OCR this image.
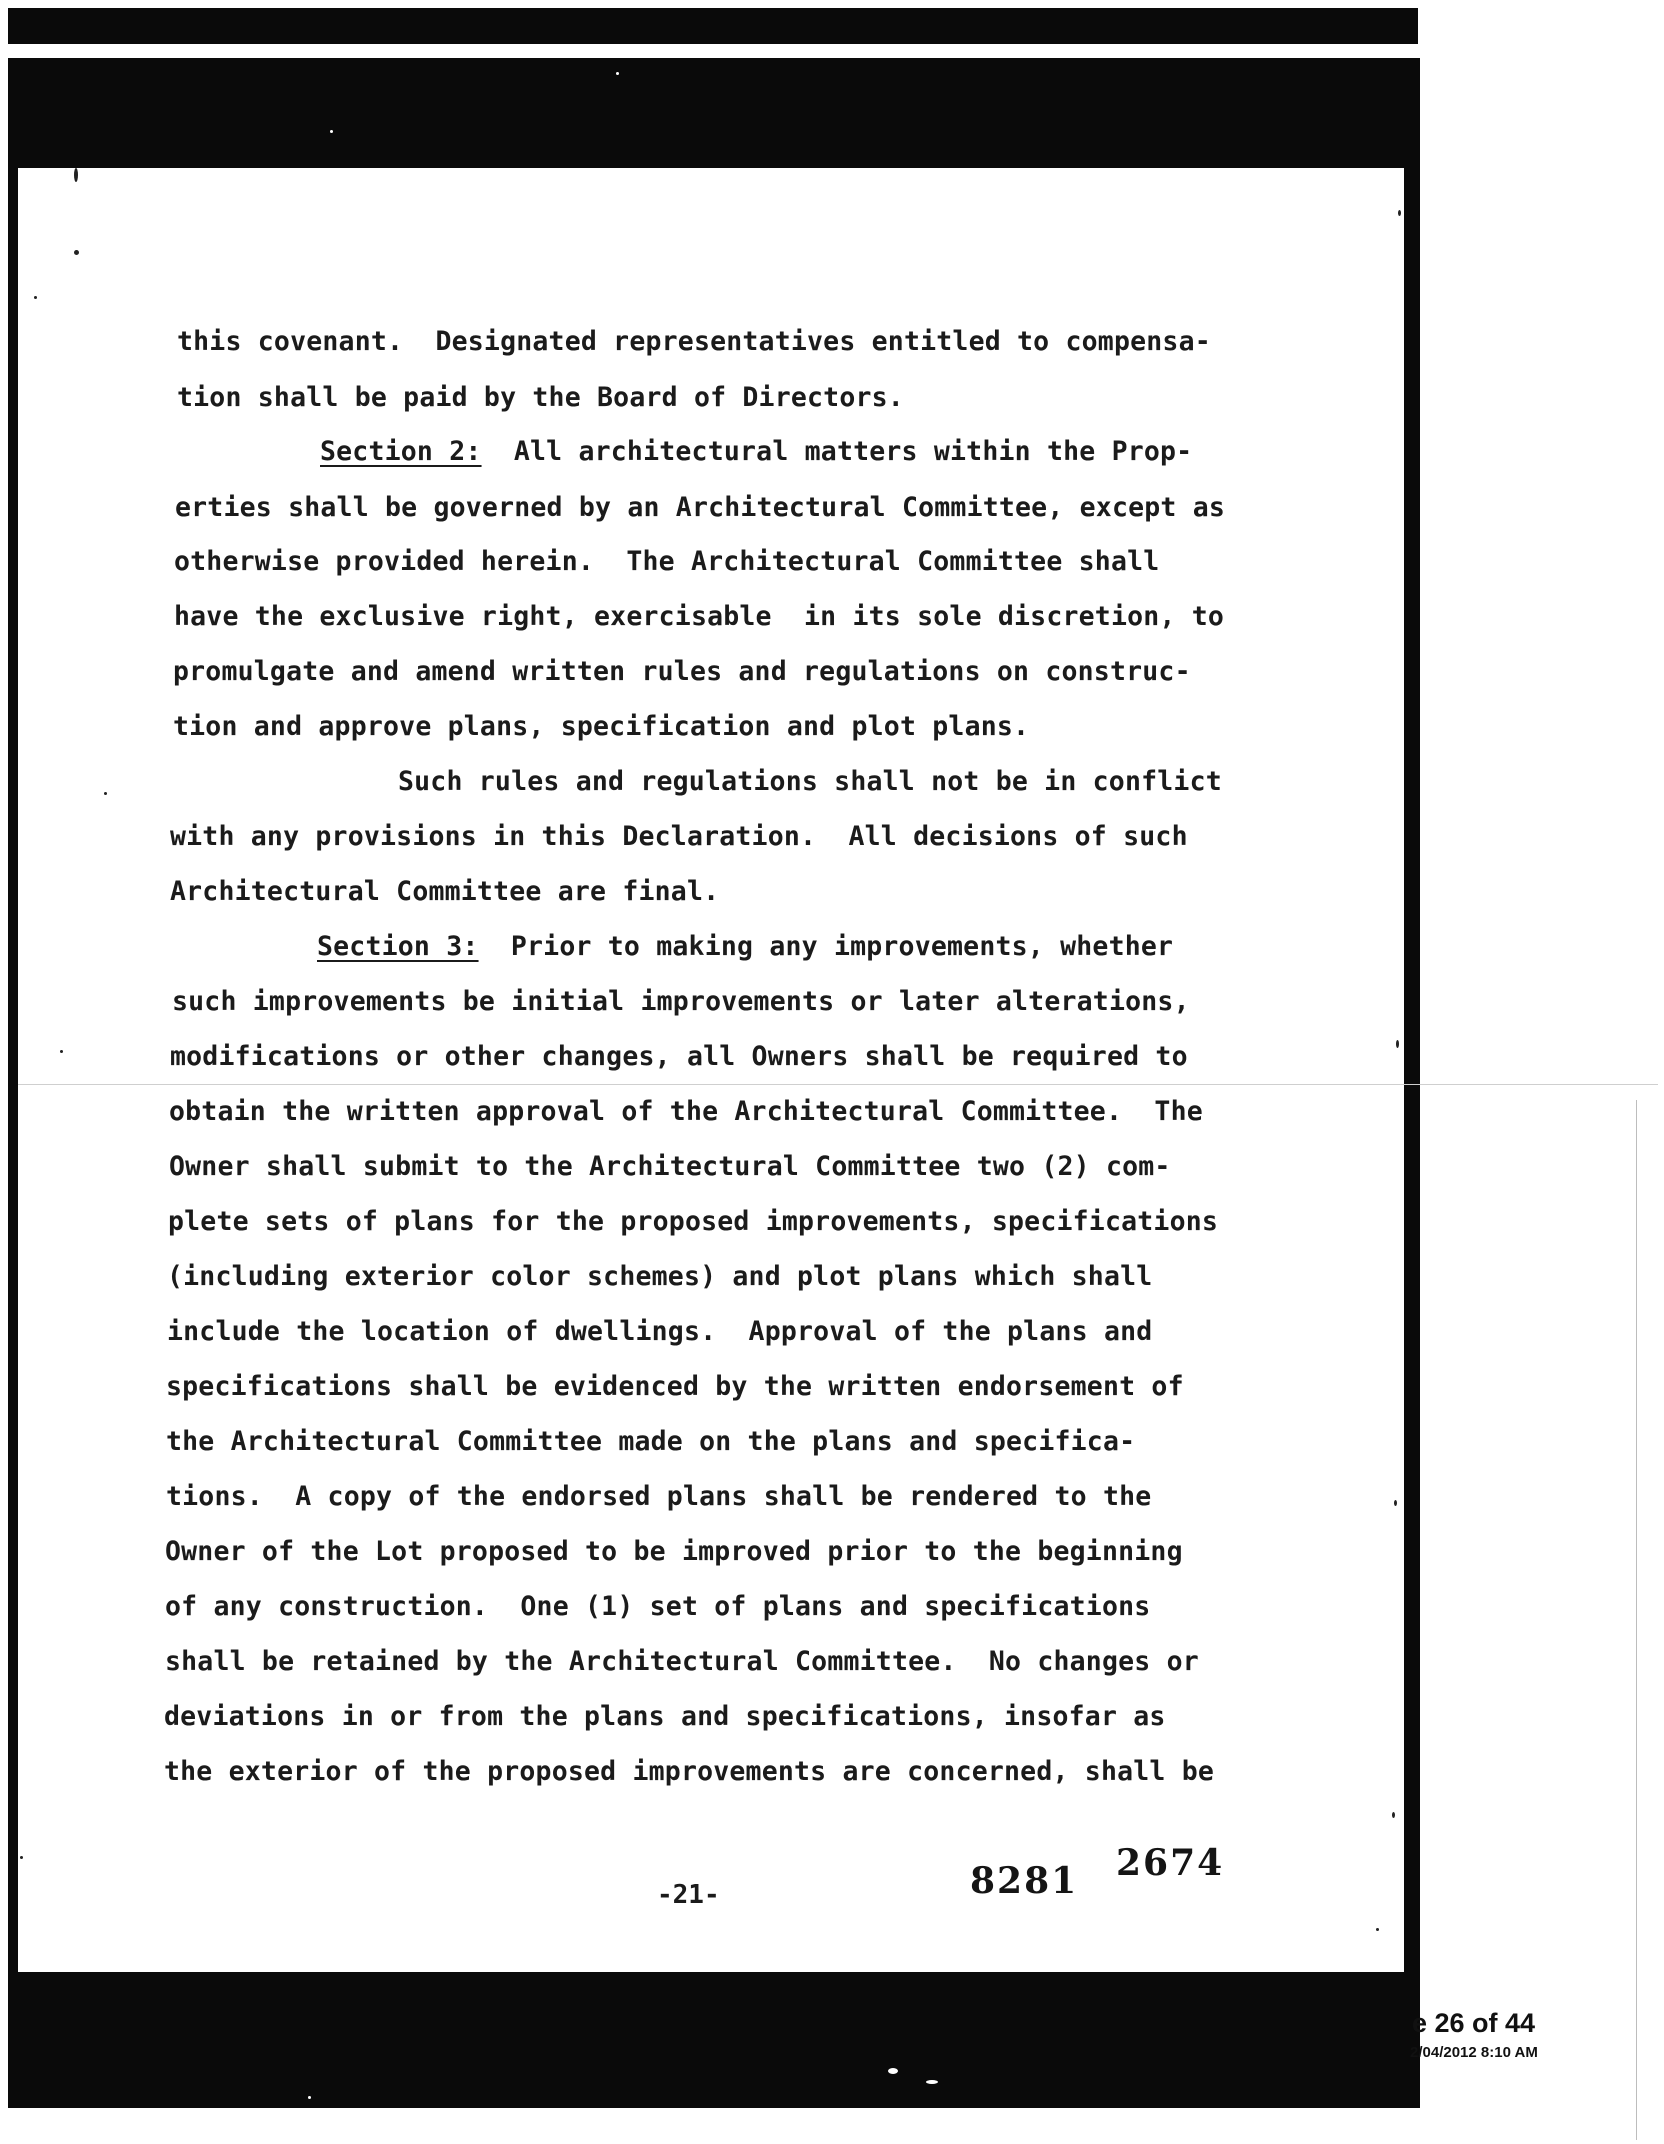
this covenant.  Designated representatives entitled to compensa-
tion shall be paid by the Board of Directors.
Section 2:  All architectural matters within the Prop-
erties shall be governed by an Architectural Committee, except as
otherwise provided herein.  The Architectural Committee shall
have the exclusive right, exercisable  in its sole discretion, to
promulgate and amend written rules and regulations on construc-
tion and approve plans, specification and plot plans.
Such rules and regulations shall not be in conflict
with any provisions in this Declaration.  All decisions of such
Architectural Committee are final.
Section 3:  Prior to making any improvements, whether
such improvements be initial improvements or later alterations,
modifications or other changes, all Owners shall be required to
obtain the written approval of the Architectural Committee.  The
Owner shall submit to the Architectural Committee two (2) com-
plete sets of plans for the proposed improvements, specifications
(including exterior color schemes) and plot plans which shall
include the location of dwellings.  Approval of the plans and
specifications shall be evidenced by the written endorsement of
the Architectural Committee made on the plans and specifica-
tions.  A copy of the endorsed plans shall be rendered to the
Owner of the Lot proposed to be improved prior to the beginning
of any construction.  One (1) set of plans and specifications
shall be retained by the Architectural Committee.  No changes or
deviations in or from the plans and specifications, insofar as
the exterior of the proposed improvements are concerned, shall be
-21-	8281 2674
e 26 of 44
2/04/2012 8:10 AM
